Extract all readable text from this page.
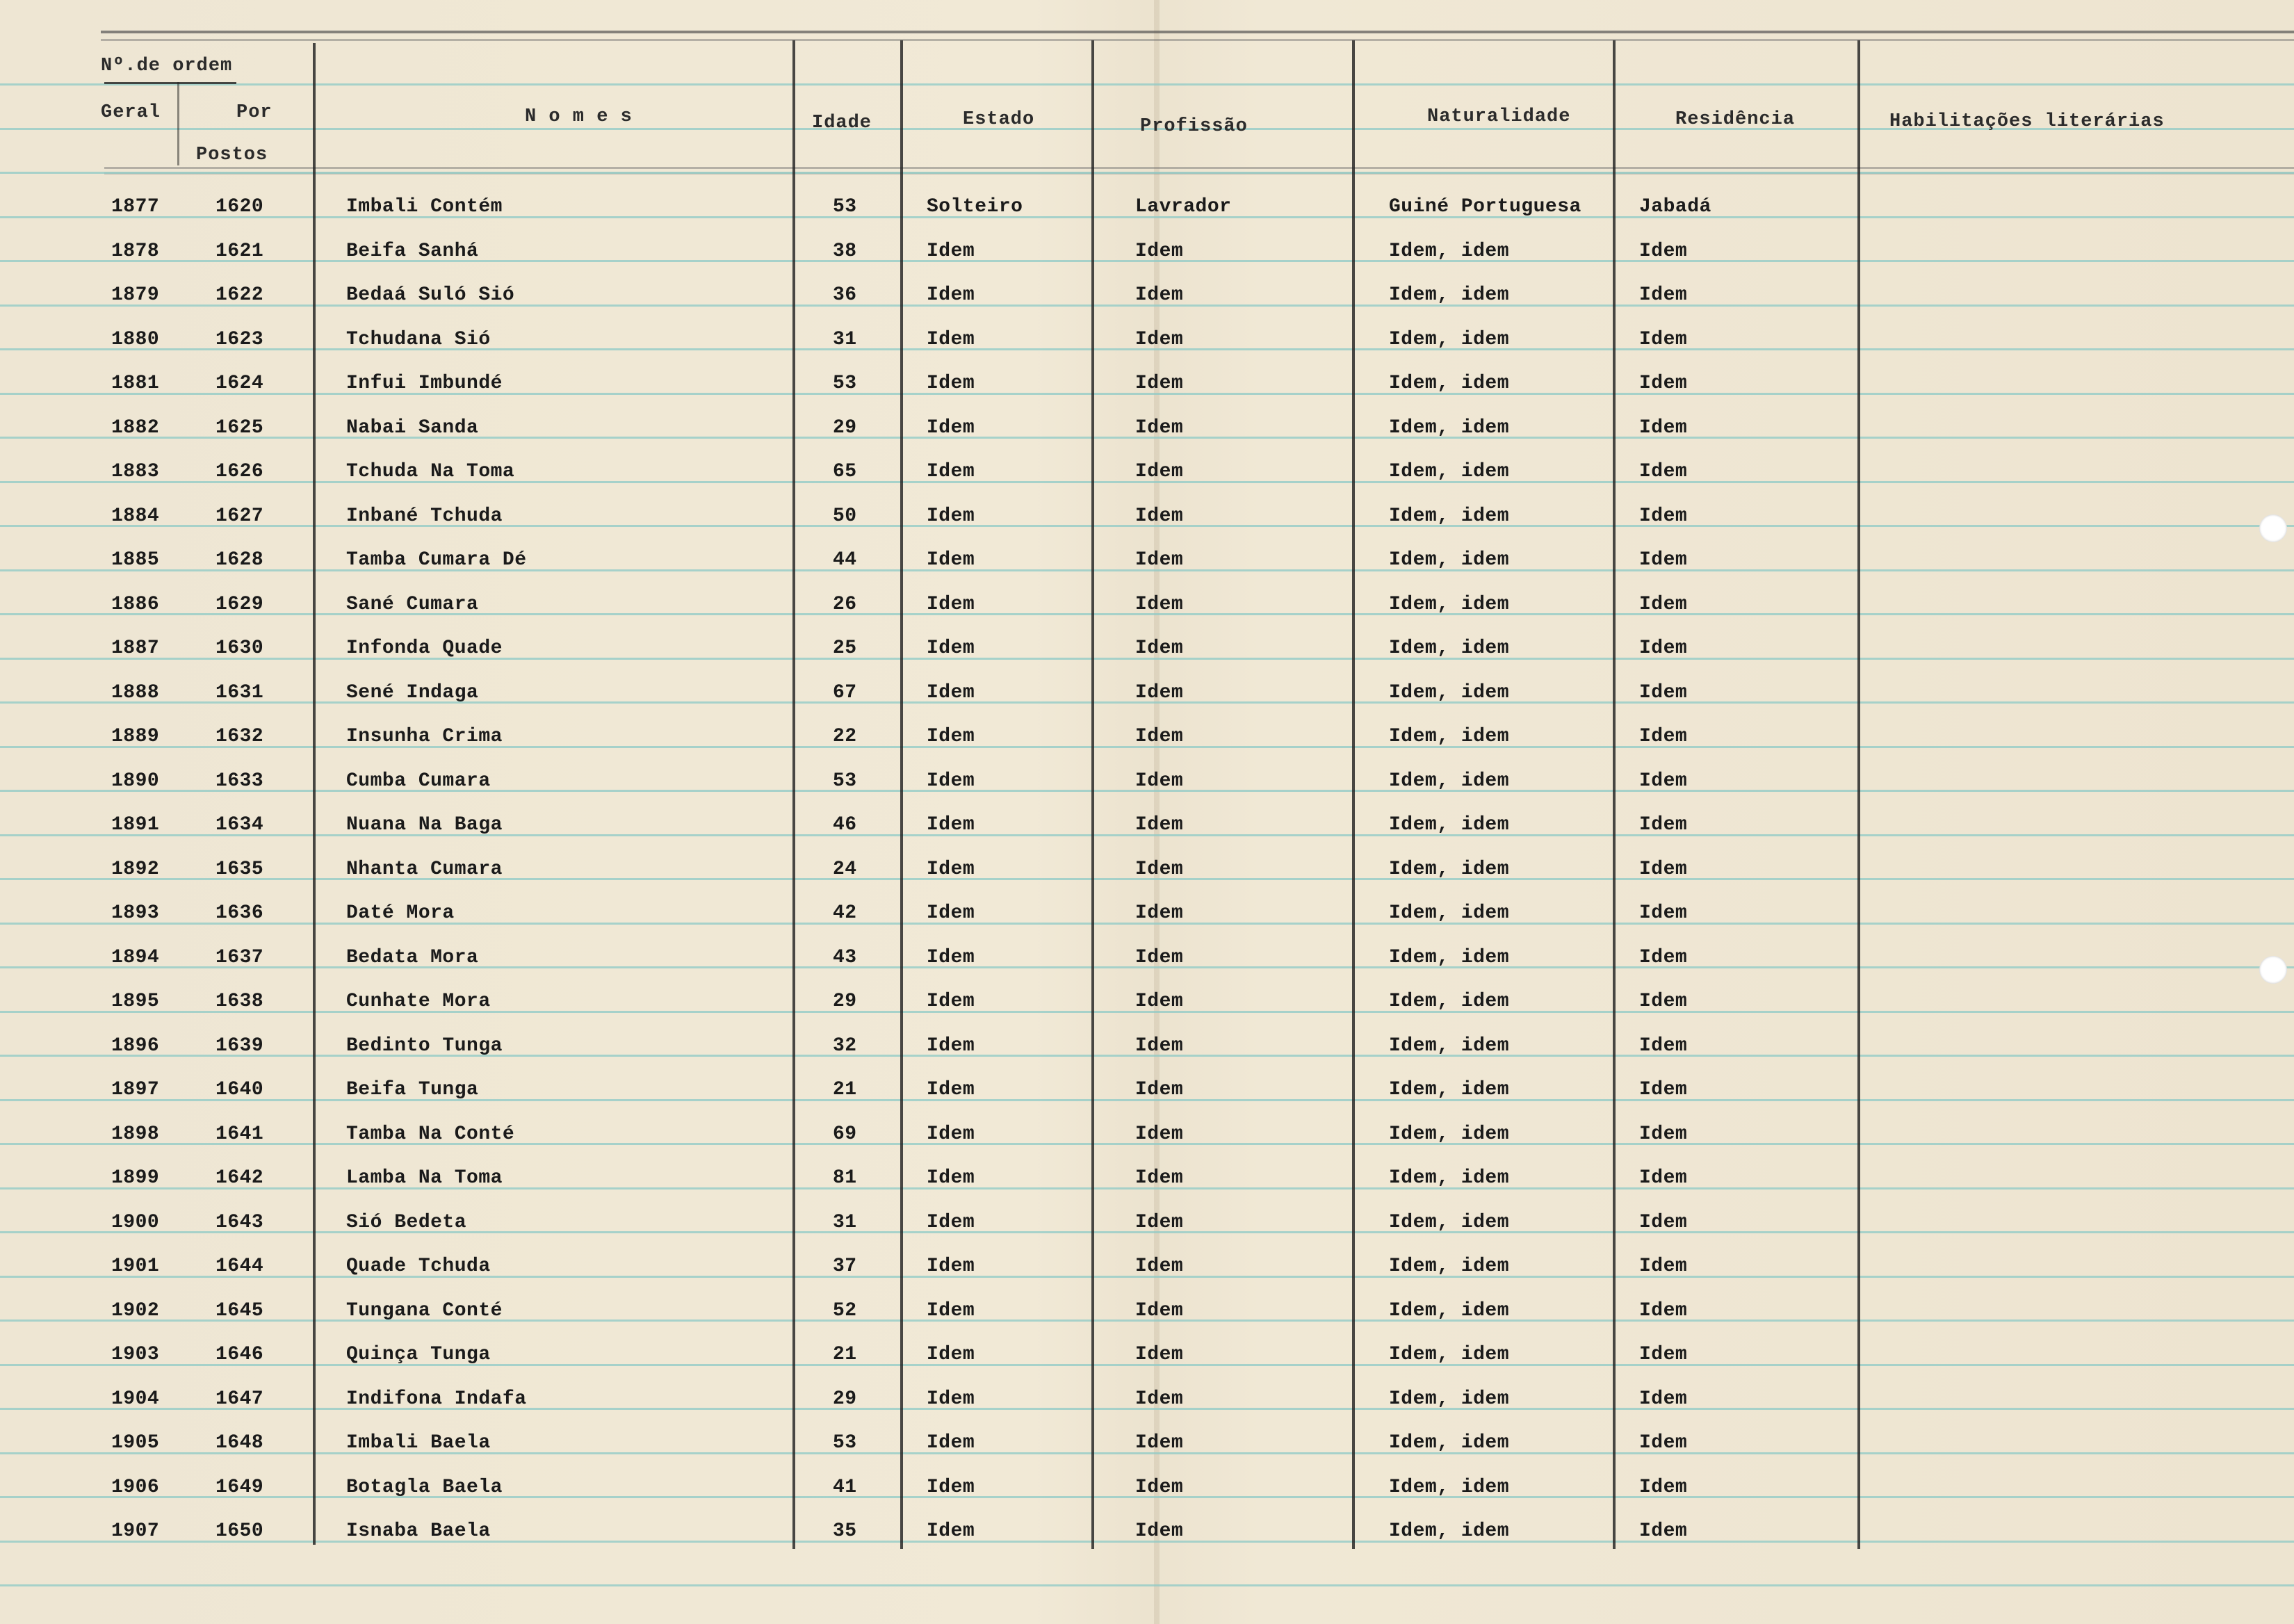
Nº.de ordem
Geral	Por
Postos
N o m e s	Idade	Estado	Profissão	Naturalidade	Residência	Habilitações literárias
1877	1620	Imbali Contém	53	Solteiro	Lavrador	Guiné Portuguesa	Jabadá
1878	1621	Beifa Sanhá	38	Idem	Idem	Idem, idem	Idem
1879	1622	Bedaá Suló Sió	36	Idem	Idem	Idem, idem	Idem
1880	1623	Tchudana Sió	31	Idem	Idem	Idem, idem	Idem
1881	1624	Infui Imbundé	53	Idem	Idem	Idem, idem	Idem
1882	1625	Nabai Sanda	29	Idem	Idem	Idem, idem	Idem
1883	1626	Tchuda Na Toma	65	Idem	Idem	Idem, idem	Idem
1884	1627	Inbané Tchuda	50	Idem	Idem	Idem, idem	Idem
1885	1628	Tamba Cumara Dé	44	Idem	Idem	Idem, idem	Idem
1886	1629	Sané Cumara	26	Idem	Idem	Idem, idem	Idem
1887	1630	Infonda Quade	25	Idem	Idem	Idem, idem	Idem
1888	1631	Sené Indaga	67	Idem	Idem	Idem, idem	Idem
1889	1632	Insunha Crima	22	Idem	Idem	Idem, idem	Idem
1890	1633	Cumba Cumara	53	Idem	Idem	Idem, idem	Idem
1891	1634	Nuana Na Baga	46	Idem	Idem	Idem, idem	Idem
1892	1635	Nhanta Cumara	24	Idem	Idem	Idem, idem	Idem
1893	1636	Daté Mora	42	Idem	Idem	Idem, idem	Idem
1894	1637	Bedata Mora	43	Idem	Idem	Idem, idem	Idem
1895	1638	Cunhate Mora	29	Idem	Idem	Idem, idem	Idem
1896	1639	Bedinto Tunga	32	Idem	Idem	Idem, idem	Idem
1897	1640	Beifa Tunga	21	Idem	Idem	Idem, idem	Idem
1898	1641	Tamba Na Conté	69	Idem	Idem	Idem, idem	Idem
1899	1642	Lamba Na Toma	81	Idem	Idem	Idem, idem	Idem
1900	1643	Sió Bedeta	31	Idem	Idem	Idem, idem	Idem
1901	1644	Quade Tchuda	37	Idem	Idem	Idem, idem	Idem
1902	1645	Tungana Conté	52	Idem	Idem	Idem, idem	Idem
1903	1646	Quinça Tunga	21	Idem	Idem	Idem, idem	Idem
1904	1647	Indifona Indafa	29	Idem	Idem	Idem, idem	Idem
1905	1648	Imbali Baela	53	Idem	Idem	Idem, idem	Idem
1906	1649	Botagla Baela	41	Idem	Idem	Idem, idem	Idem
1907	1650	Isnaba Baela	35	Idem	Idem	Idem, idem	Idem
